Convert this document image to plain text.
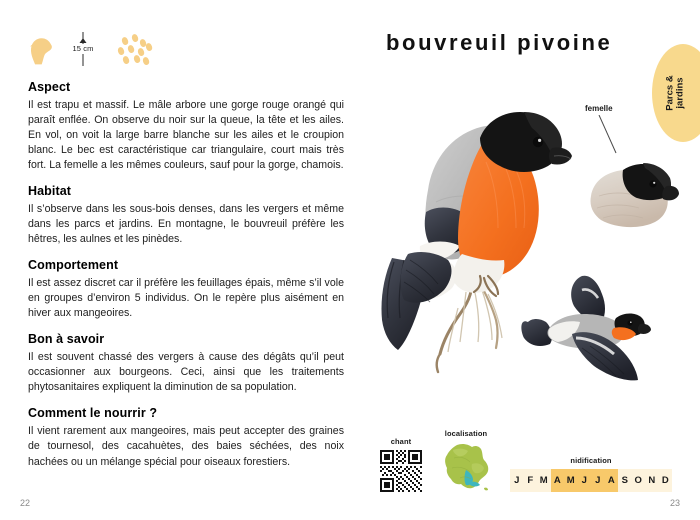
15 cm
Aspect

Il est trapu et massif. Le mâle arbore une gorge rouge orangé qui paraît enflée. On observe du noir sur la queue, la tête et les ailes. En vol, on voit la large barre blanche sur les ailes et le croupion blanc. Le bec est caractéristique car triangulaire, court mais très fort. La femelle a les mêmes couleurs, sauf pour la gorge, chamois.

Habitat

Il s’observe dans les sous-bois denses, dans les vergers et même dans les parcs et jardins. En montagne, le bouvreuil préfère les hêtres, les aulnes et les pinèdes.

Comportement

Il est assez discret car il préfère les feuillages épais, même s’il vole en groupes d’environ 5 individus. On le repère plus aisément en hiver aux mangeoires.

Bon à savoir

Il est souvent chassé des vergers à cause des dégâts qu’il peut occasionner aux bourgeons. Ceci, ainsi que les traitements phytosanitaires expliquent la diminution de sa population.

Comment le nourrir ?

Il vient rarement aux mangeoires, mais peut accepter des graines de tournesol, des cacahuètes, des baies séchées, des noix hachées ou un mélange spécial pour oiseaux forestiers.

22
bouvreuil pivoine
Parcs &
jardins
femelle
chant
localisation
nidification
J F M A M J J A S O N D
23
